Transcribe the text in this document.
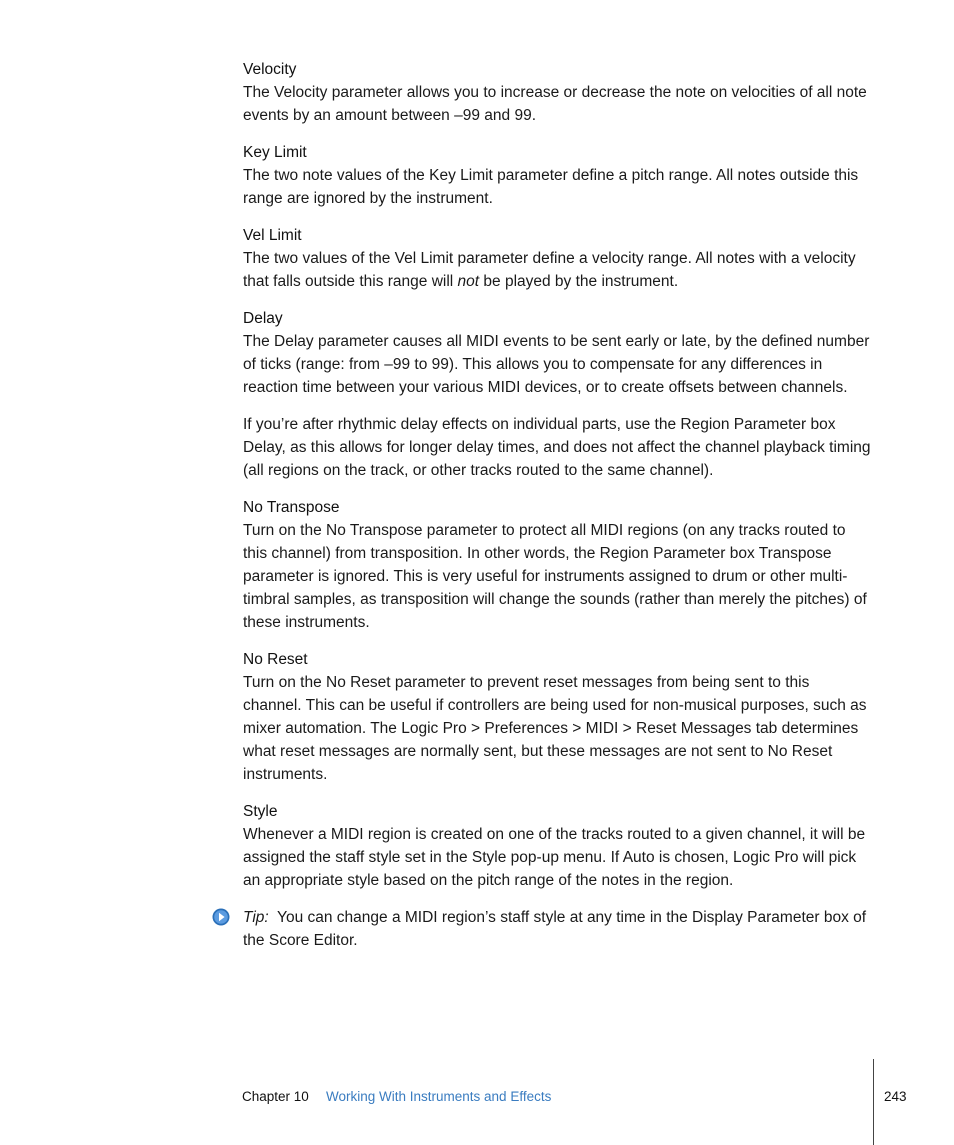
Velocity

The Velocity parameter allows you to increase or decrease the note on velocities of all note events by an amount between –99 and 99.

Key Limit

The two note values of the Key Limit parameter define a pitch range. All notes outside this range are ignored by the instrument.

Vel Limit

The two values of the Vel Limit parameter define a velocity range. All notes with a velocity that falls outside this range will not be played by the instrument.

Delay

The Delay parameter causes all MIDI events to be sent early or late, by the defined number of ticks (range: from –99 to 99). This allows you to compensate for any differences in reaction time between your various MIDI devices, or to create offsets between channels.

If you’re after rhythmic delay effects on individual parts, use the Region Parameter box Delay, as this allows for longer delay times, and does not affect the channel playback timing (all regions on the track, or other tracks routed to the same channel).

No Transpose

Turn on the No Transpose parameter to protect all MIDI regions (on any tracks routed to this channel) from transposition. In other words, the Region Parameter box Transpose parameter is ignored. This is very useful for instruments assigned to drum or other multi-timbral samples, as transposition will change the sounds (rather than merely the pitches) of these instruments.

No Reset

Turn on the No Reset parameter to prevent reset messages from being sent to this channel. This can be useful if controllers are being used for non-musical purposes, such as mixer automation. The Logic Pro > Preferences > MIDI > Reset Messages tab determines what reset messages are normally sent, but these messages are not sent to No Reset instruments.

Style

Whenever a MIDI region is created on one of the tracks routed to a given channel, it will be assigned the staff style set in the Style pop-up menu. If Auto is chosen, Logic Pro will pick an appropriate style based on the pitch range of the notes in the region.

Tip:  You can change a MIDI region’s staff style at any time in the Display Parameter box of the Score Editor.
Chapter 10 Working With Instruments and Effects	243
